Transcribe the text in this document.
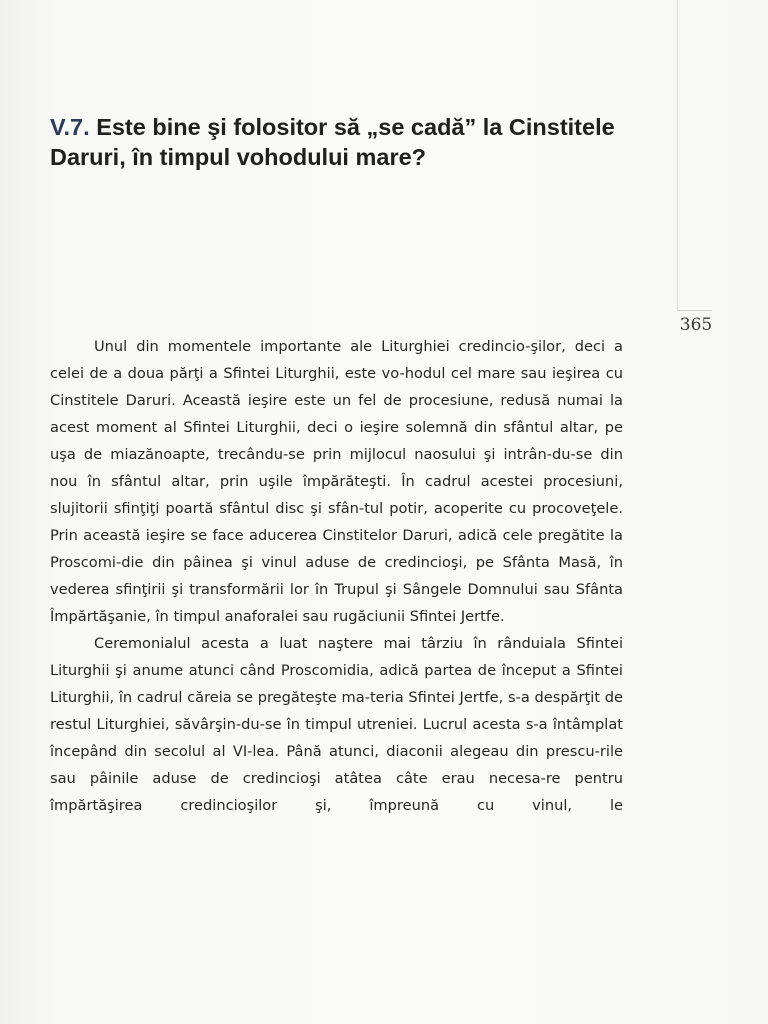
365
V.7. Este bine şi folositor să „se cadă” la Cinstitele Daruri, în timpul vohodului mare?

Unul din momentele importante ale Liturghiei credincio-şilor, deci a celei de a doua părţi a Sfintei Liturghii, este vo-hodul cel mare sau ieşirea cu Cinstitele Daruri. Această ieşire este un fel de procesiune, redusă numai la acest moment al Sfintei Liturghii, deci o ieşire solemnă din sfântul altar, pe uşa de miazănoapte, trecându-se prin mijlocul naosului şi intrân-du-se din nou în sfântul altar, prin uşile împărăteşti. În cadrul acestei procesiuni, slujitorii sfinţiţi poartă sfântul disc şi sfân-tul potir, acoperite cu procoveţele. Prin această ieşire se face aducerea Cinstitelor Daruri, adică cele pregătite la Proscomi-die din pâinea şi vinul aduse de credincioşi, pe Sfânta Masă, în vederea sfinţirii şi transformării lor în Trupul şi Sângele Domnului sau Sfânta Împărtăşanie, în timpul anaforalei sau rugăciunii Sfintei Jertfe.

Ceremonialul acesta a luat naştere mai târziu în rânduiala Sfintei Liturghii şi anume atunci când Proscomidia, adică partea de început a Sfintei Liturghii, în cadrul căreia se pregăteşte ma-teria Sfintei Jertfe, s-a despărţit de restul Liturghiei, săvârşin-du-se în timpul utreniei. Lucrul acesta s-a întâmplat începând din secolul al VI-lea. Până atunci, diaconii alegeau din prescu-rile sau pâinile aduse de credincioşi atâtea câte erau necesa-re pentru împărtăşirea credincioşilor şi, împreună cu vinul, le
